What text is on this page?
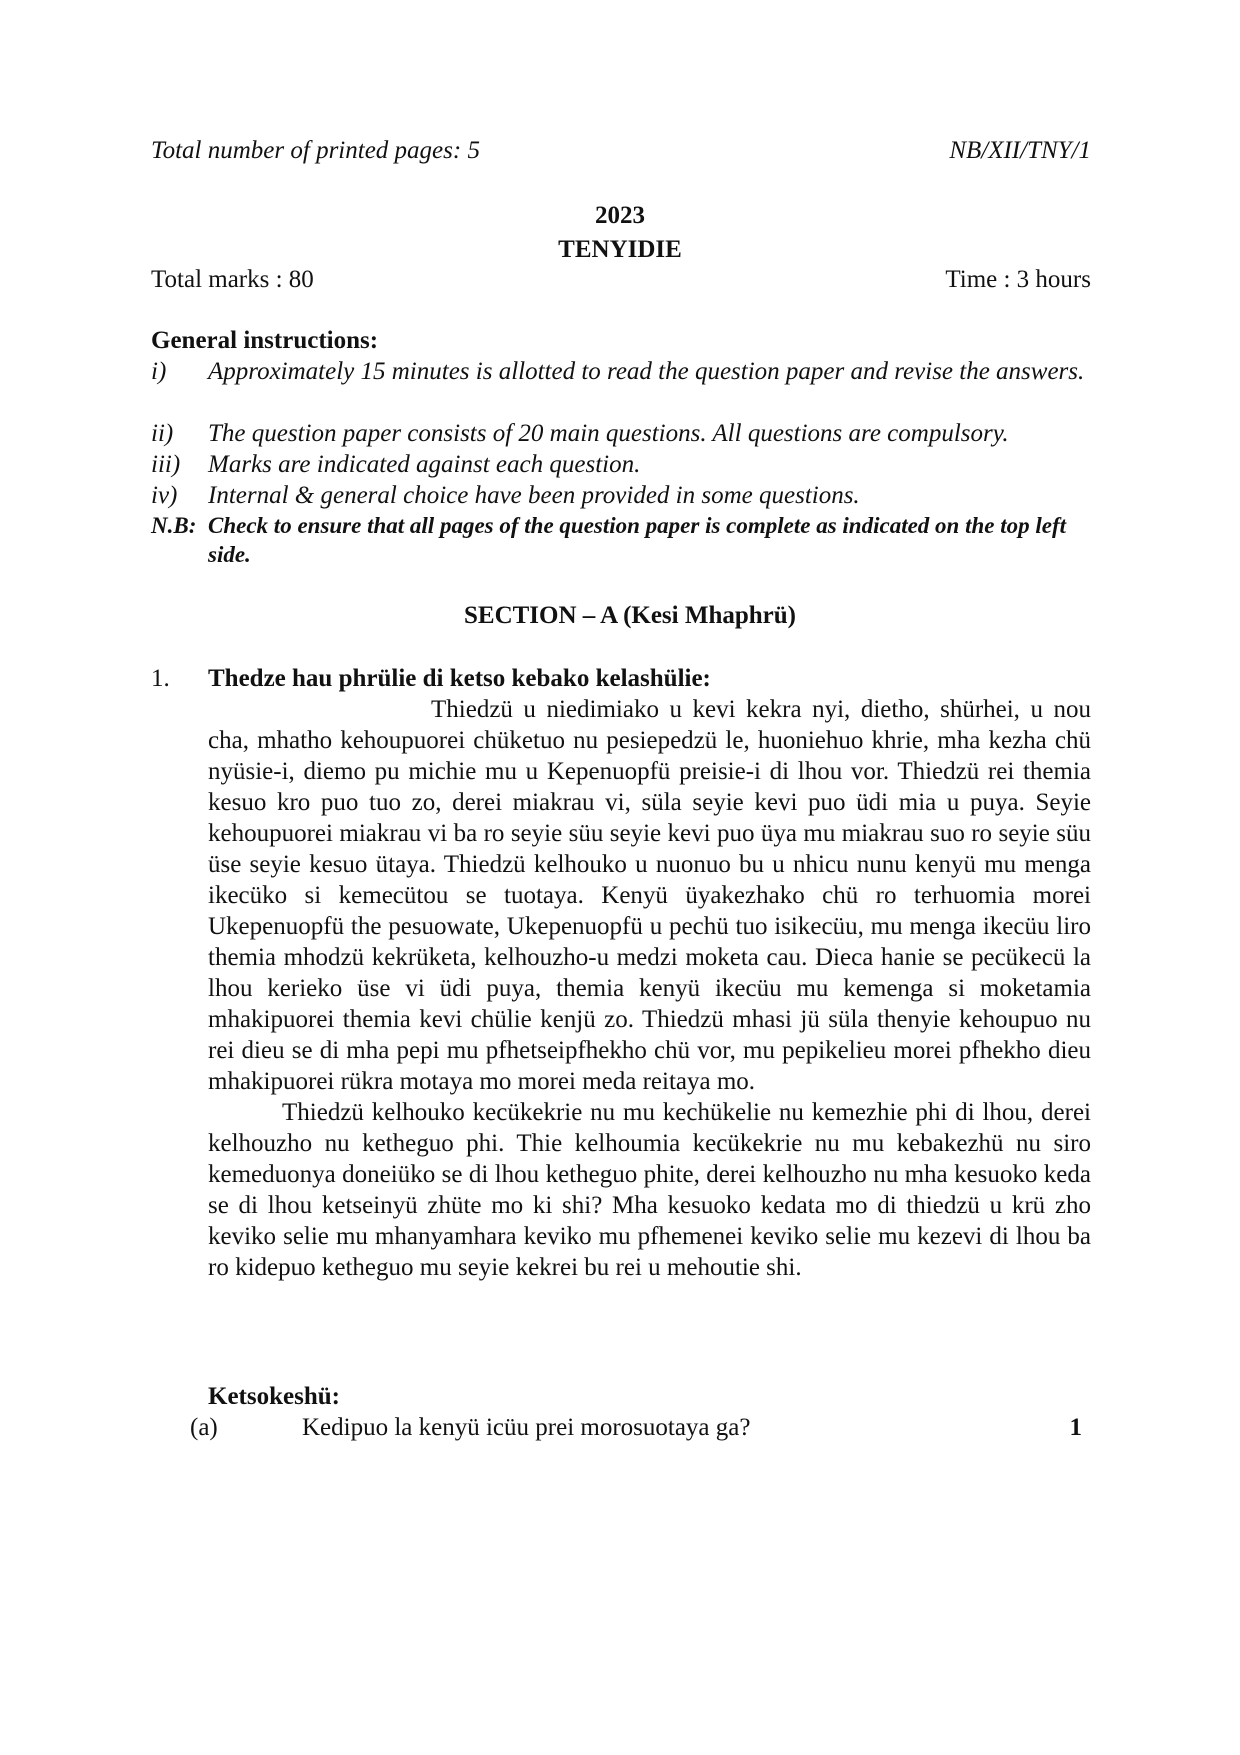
Total number of printed pages: 5	NB/XII/TNY/1
2023
TENYIDIE
Total marks : 80	Time : 3 hours
General instructions:
i) Approximately 15 minutes is allotted to read the question paper and revise the answers.
ii) The question paper consists of 20 main questions. All questions are compulsory.
iii) Marks are indicated against each question.
iv) Internal & general choice have been provided in some questions.
N.B: Check to ensure that all pages of the question paper is complete as indicated on the top left side.
SECTION – A (Kesi Mhaphrü)
1. Thedze hau phrülie di ketso kebako kelashülie:

Thiedzü u niedimiako u kevi kekra nyi, dietho, shürhei, u nou cha, mhatho kehoupuorei chüketuo nu pesiepedzü le, huoniehuo khrie, mha kezha chü nyüsie-i, diemo pu michie mu u Kepenuopfü preisie-i di lhou vor. Thiedzü rei themia kesuo kro puo tuo zo, derei miakrau vi, süla seyie kevi puo üdi mia u puya. Seyie kehoupuorei miakrau vi ba ro seyie süu seyie kevi puo üya mu miakrau suo ro seyie süu üse seyie kesuo ütaya. Thiedzü kelhouko u nuonuo bu u nhicu nunu kenyü mu menga ikecüko si kemecütou se tuotaya. Kenyü üyakezhako chü ro terhuomia morei Ukepenuopfü the pesuowate, Ukepenuopfü u pechü tuo isikecüu, mu menga ikecüu liro themia mhodzü kekrüketa, kelhouzho-u medzi moketa cau. Dieca hanie se pecükecü la lhou kerieko üse vi üdi puya, themia kenyü ikecüu mu kemenga si moketamia mhakipuorei themia kevi chülie kenjü zo. Thiedzü mhasi jü süla thenyie kehoupuo nu rei dieu se di mha pepi mu pfhetseipfhekho chü vor, mu pepikelieu morei pfhekho dieu mhakipuorei rükra motaya mo morei meda reitaya mo.

Thiedzü kelhouko kecükekrie nu mu kechükelie nu kemezhie phi di lhou, derei kelhouzho nu ketheguo phi. Thie kelhoumia kecükekrie nu mu kebakezhü nu siro kemeduonya doneiüko se di lhou ketheguo phite, derei kelhouzho nu mha kesuoko keda se di lhou ketseinyü zhüte mo ki shi? Mha kesuoko kedata mo di thiedzü u krü zho keviko selie mu mhanyamhara keviko mu pfhemenei keviko selie mu kezevi di lhou ba ro kidepuo ketheguo mu seyie kekrei bu rei u mehoutie shi.

Ketsokeshü:
(a)	Kedipuo la kenyü icüu prei morosuotaya ga?	1
